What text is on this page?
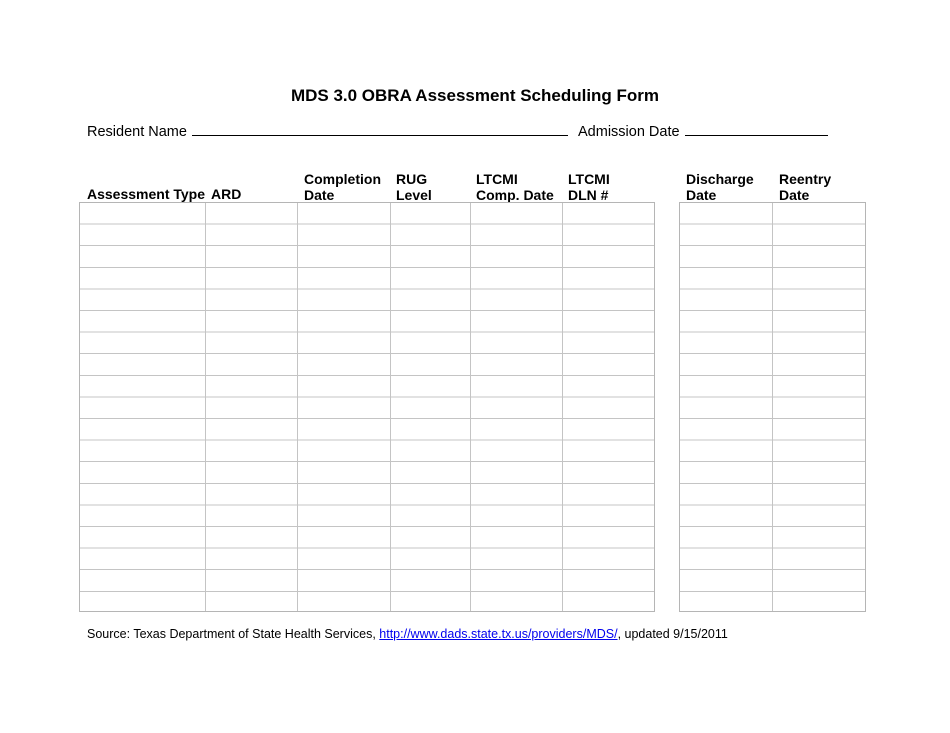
MDS 3.0 OBRA Assessment Scheduling Form
Resident Name	Admission Date
Assessment Type ARD
Completion
Date
RUG
Level
LTCMI
Comp. Date
LTCMI
DLN #
Discharge
Date
Reentry
Date
Source: Texas Department of State Health Services, http://www.dads.state.tx.us/providers/MDS/, updated 9/15/2011
